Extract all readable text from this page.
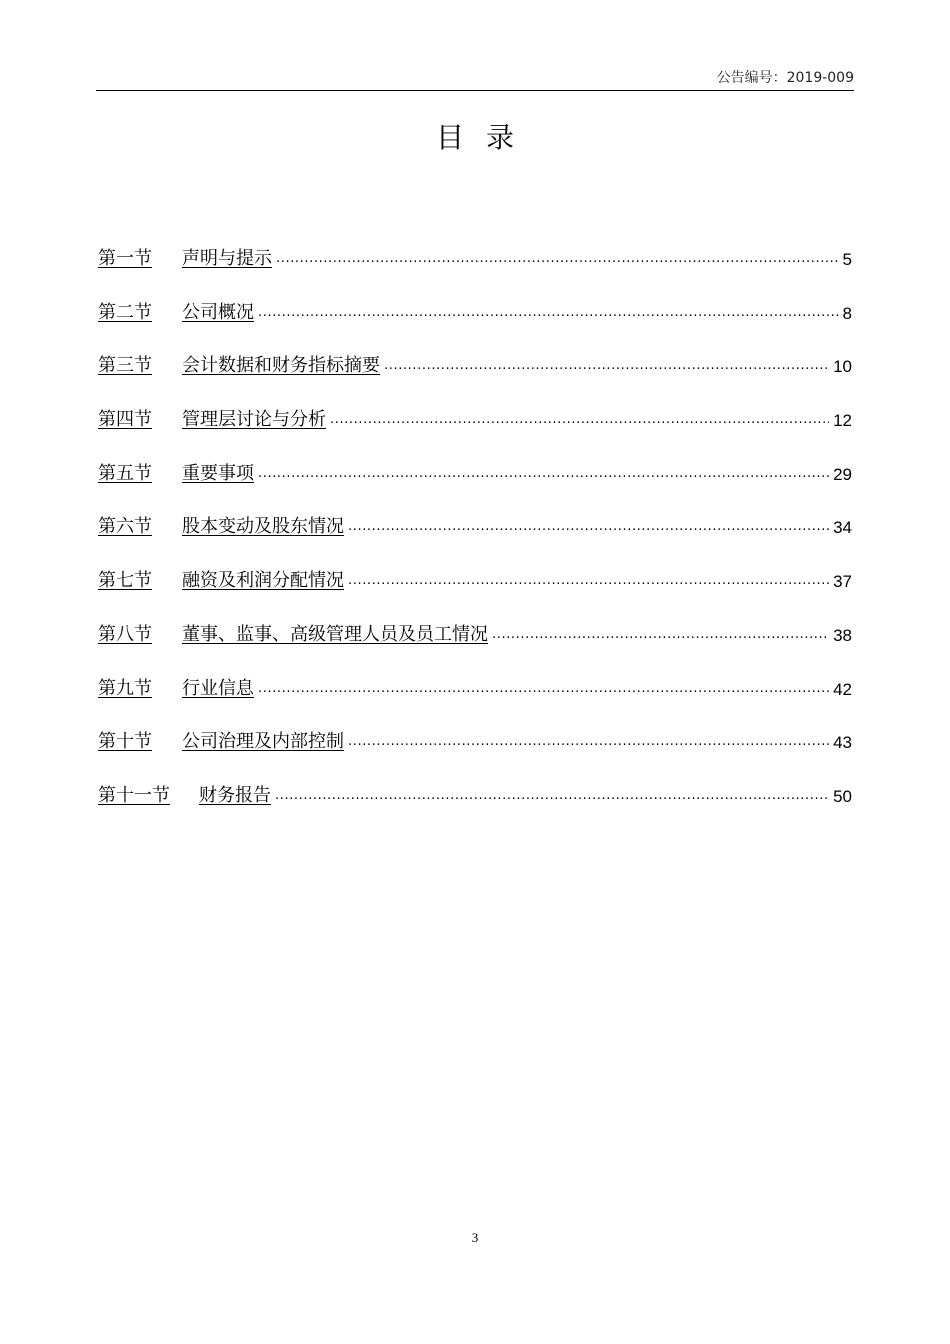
公告编号：2019-009
目录
第一节	声明与提示 .....	5
第二节	公司概况 .....	8
第三节	会计数据和财务指标摘要 .....	10
第四节	管理层讨论与分析 .....	12
第五节	重要事项 .....	29
第六节	股本变动及股东情况 .....	34
第七节	融资及利润分配情况 .....	37
第八节	董事、监事、高级管理人员及员工情况 .....	38
第九节	行业信息 .....	42
第十节	公司治理及内部控制 .....	43
第十一节	财务报告 .....	50
3
